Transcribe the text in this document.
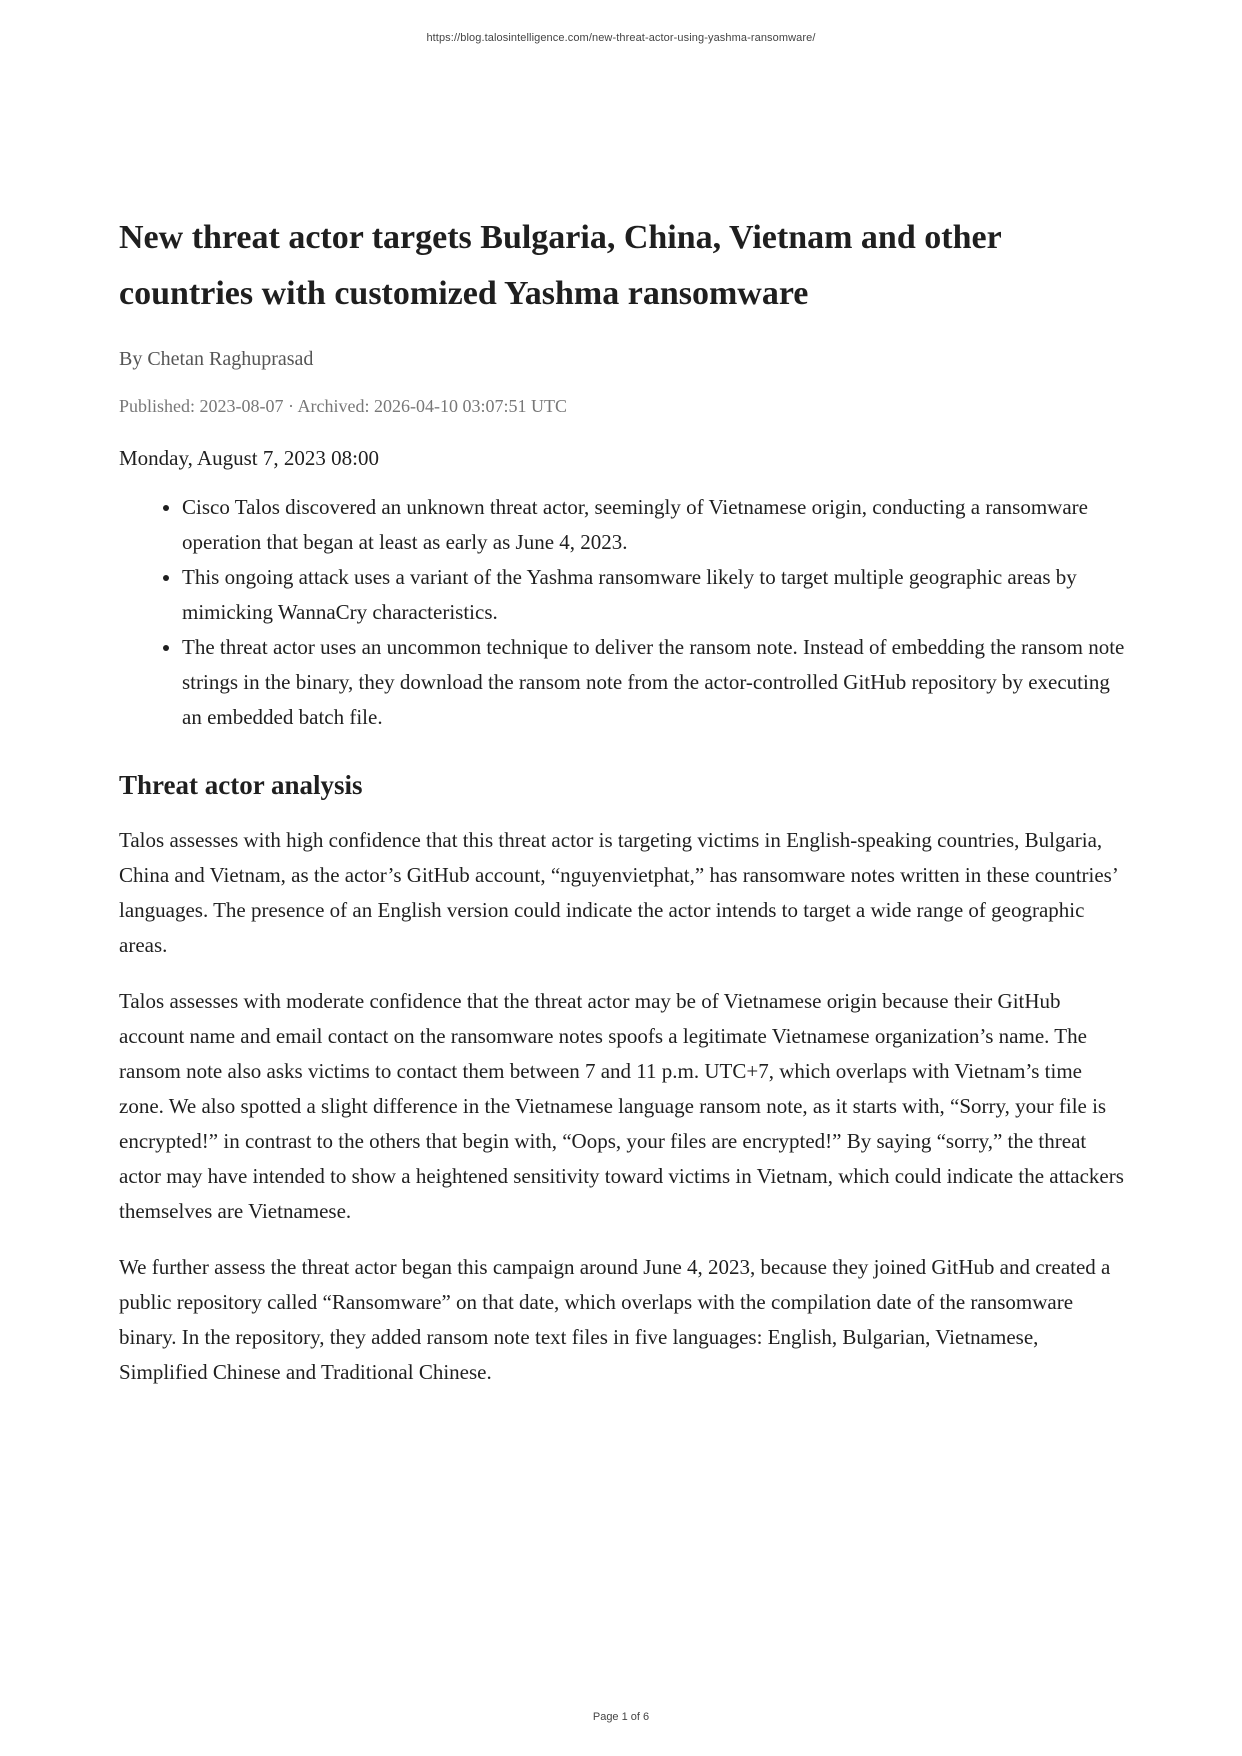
https://blog.talosintelligence.com/new-threat-actor-using-yashma-ransomware/
New threat actor targets Bulgaria, China, Vietnam and other countries with customized Yashma ransomware
By Chetan Raghuprasad
Published: 2023-08-07 · Archived: 2026-04-10 03:07:51 UTC
Monday, August 7, 2023 08:00
• Cisco Talos discovered an unknown threat actor, seemingly of Vietnamese origin, conducting a ransomware operation that began at least as early as June 4, 2023.
• This ongoing attack uses a variant of the Yashma ransomware likely to target multiple geographic areas by mimicking WannaCry characteristics.
• The threat actor uses an uncommon technique to deliver the ransom note. Instead of embedding the ransom note strings in the binary, they download the ransom note from the actor-controlled GitHub repository by executing an embedded batch file.
Threat actor analysis

Talos assesses with high confidence that this threat actor is targeting victims in English-speaking countries, Bulgaria, China and Vietnam, as the actor’s GitHub account, “nguyenvietphat,” has ransomware notes written in these countries’ languages. The presence of an English version could indicate the actor intends to target a wide range of geographic areas.

Talos assesses with moderate confidence that the threat actor may be of Vietnamese origin because their GitHub account name and email contact on the ransomware notes spoofs a legitimate Vietnamese organization’s name. The ransom note also asks victims to contact them between 7 and 11 p.m. UTC+7, which overlaps with Vietnam’s time zone. We also spotted a slight difference in the Vietnamese language ransom note, as it starts with, “Sorry, your file is encrypted!” in contrast to the others that begin with, “Oops, your files are encrypted!” By saying “sorry,” the threat actor may have intended to show a heightened sensitivity toward victims in Vietnam, which could indicate the attackers themselves are Vietnamese.

We further assess the threat actor began this campaign around June 4, 2023, because they joined GitHub and created a public repository called “Ransomware” on that date, which overlaps with the compilation date of the ransomware binary. In the repository, they added ransom note text files in five languages: English, Bulgarian, Vietnamese, Simplified Chinese and Traditional Chinese.

Page 1 of 6
